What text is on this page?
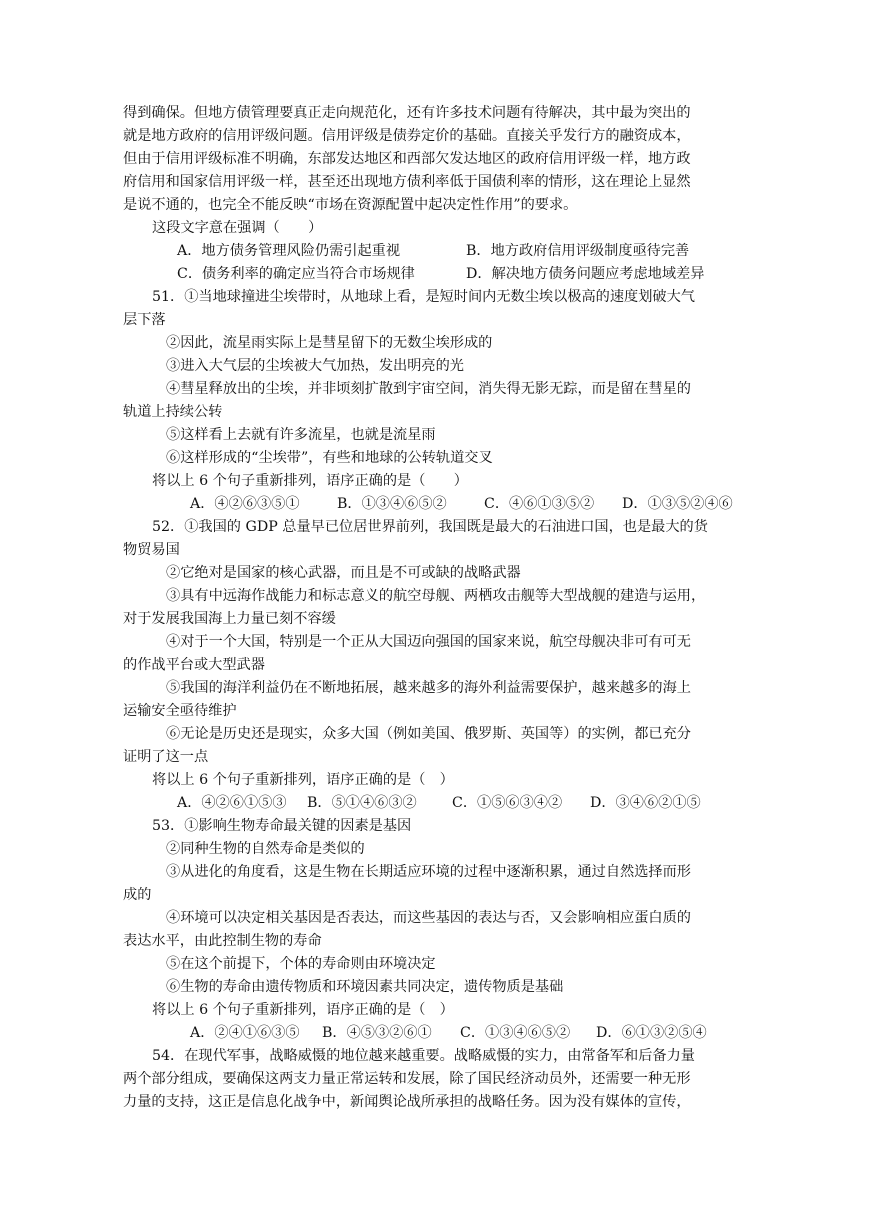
得到确保。但地方债管理要真正走向规范化，还有许多技术问题有待解决，其中最为突出的
就是地方政府的信用评级问题。信用评级是债券定价的基础。直接关乎发行方的融资成本，
但由于信用评级标准不明确，东部发达地区和西部欠发达地区的政府信用评级一样，地方政
府信用和国家信用评级一样，甚至还出现地方债利率低于国债利率的情形，这在理论上显然
是说不通的，也完全不能反映“市场在资源配置中起决定性作用”的要求。
这段文字意在强调（　　）
A．地方债务管理风险仍需引起重视	B．地方政府信用评级制度亟待完善
C．债务利率的确定应当符合市场规律	D．解决地方债务问题应考虑地域差异
51．①当地球撞进尘埃带时，从地球上看，是短时间内无数尘埃以极高的速度划破大气
层下落
②因此，流星雨实际上是彗星留下的无数尘埃形成的
③进入大气层的尘埃被大气加热，发出明亮的光
④彗星释放出的尘埃，并非顷刻扩散到宇宙空间，消失得无影无踪，而是留在彗星的
轨道上持续公转
⑤这样看上去就有许多流星，也就是流星雨
⑥这样形成的“尘埃带”，有些和地球的公转轨道交叉
将以上 6 个句子重新排列，语序正确的是（　　）
A．④②⑥③⑤①	B．①③④⑥⑤②	C．④⑥①③⑤② D．①③⑤②④⑥
52．①我国的 GDP 总量早已位居世界前列，我国既是最大的石油进口国，也是最大的货
物贸易国
②它绝对是国家的核心武器，而且是不可或缺的战略武器
③具有中远海作战能力和标志意义的航空母舰、两栖攻击舰等大型战舰的建造与运用，
对于发展我国海上力量已刻不容缓
④对于一个大国，特别是一个正从大国迈向强国的国家来说，航空母舰决非可有可无
的作战平台或大型武器
⑤我国的海洋利益仍在不断地拓展，越来越多的海外利益需要保护，越来越多的海上
运输安全亟待维护
⑥无论是历史还是现实，众多大国（例如美国、俄罗斯、英国等）的实例，都已充分
证明了这一点
将以上 6 个句子重新排列，语序正确的是（　）
A．④②⑥①⑤③ B．⑤①④⑥③② C．①⑤⑥③④② D．③④⑥②①⑤
53．①影响生物寿命最关键的因素是基因
②同种生物的自然寿命是类似的
③从进化的角度看，这是生物在长期适应环境的过程中逐渐积累，通过自然选择而形
成的
④环境可以决定相关基因是否表达，而这些基因的表达与否，又会影响相应蛋白质的
表达水平，由此控制生物的寿命
⑤在这个前提下，个体的寿命则由环境决定
⑥生物的寿命由遗传物质和环境因素共同决定，遗传物质是基础
将以上 6 个句子重新排列，语序正确的是（　）
A．②④①⑥③⑤ B．④⑤③②⑥① C．①③④⑥⑤② D．⑥①③②⑤④
54．在现代军事，战略威慑的地位越来越重要。战略威慑的实力，由常备军和后备力量
两个部分组成，要确保这两支力量正常运转和发展，除了国民经济动员外，还需要一种无形
力量的支持，这正是信息化战争中，新闻舆论战所承担的战略任务。因为没有媒体的宣传，
